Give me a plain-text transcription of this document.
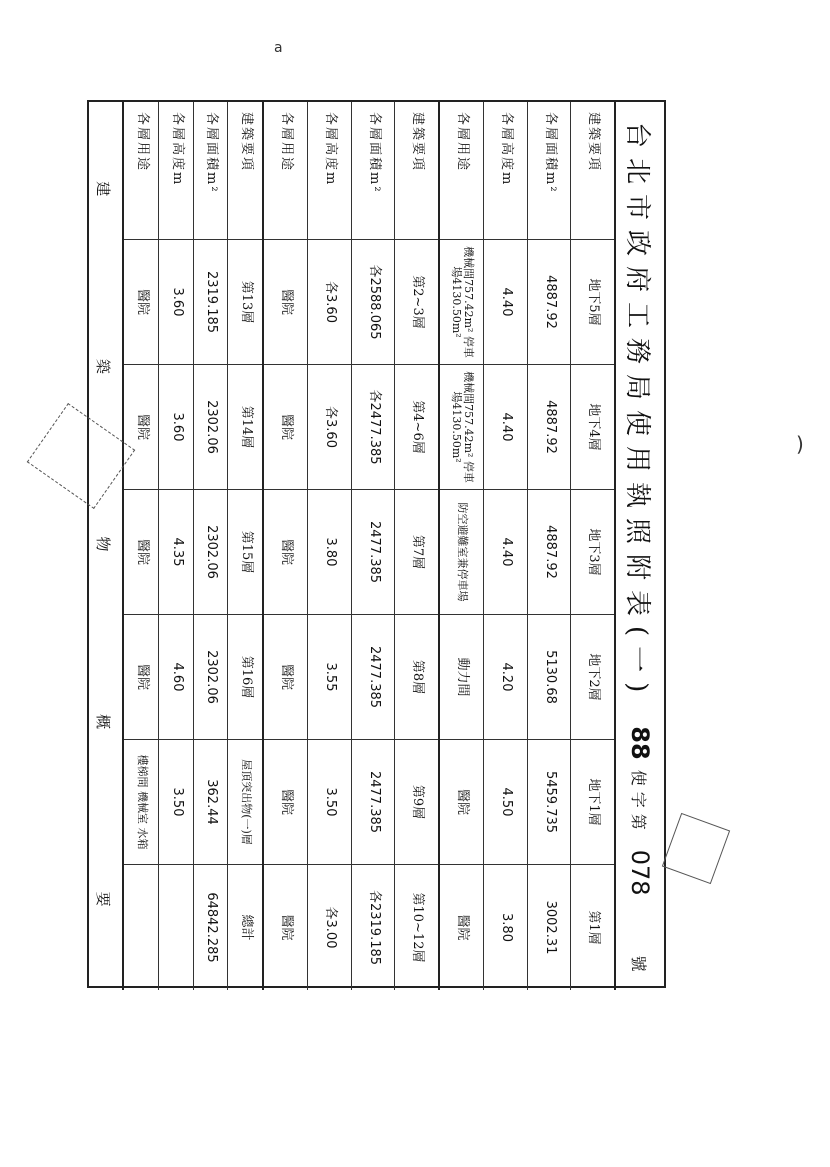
a
)
台北市政府工務局使用執照附表(一)
88
使字第
078
號
建築要項
地下5層
地下4層
地下3層
地下2層
地下1層
第1層
各層面積m²
4887.92
4887.92
4887.92
5130.68
5459.735
3002.31
各層高度m
4.40
4.40
4.40
4.20
4.50
3.80
各層用途
機械間757.42m² 停車場4130.50m²
機械間757.42m² 停車場4130.50m²
防空避難室兼停車場
動力間
醫院
醫院
建築要項
第2~3層
第4~6層
第7層
第8層
第9層
第10~12層
各層面積m²
各2588.065
各2477.385
2477.385
2477.385
2477.385
各2319.185
各層高度m
各3.60
各3.60
3.80
3.55
3.50
各3.00
各層用途
醫院
醫院
醫院
醫院
醫院
醫院
建築要項
第13層
第14層
第15層
第16層
屋頂突出物(一)層
總計
各層面積m²
2319.185
2302.06
2302.06
2302.06
362.44
64842.285
各層高度m
3.60
3.60
4.35
4.60
3.50
各層用途
醫院
醫院
醫院
醫院
樓梯間 機械室 水箱
建
築
物
概
要
